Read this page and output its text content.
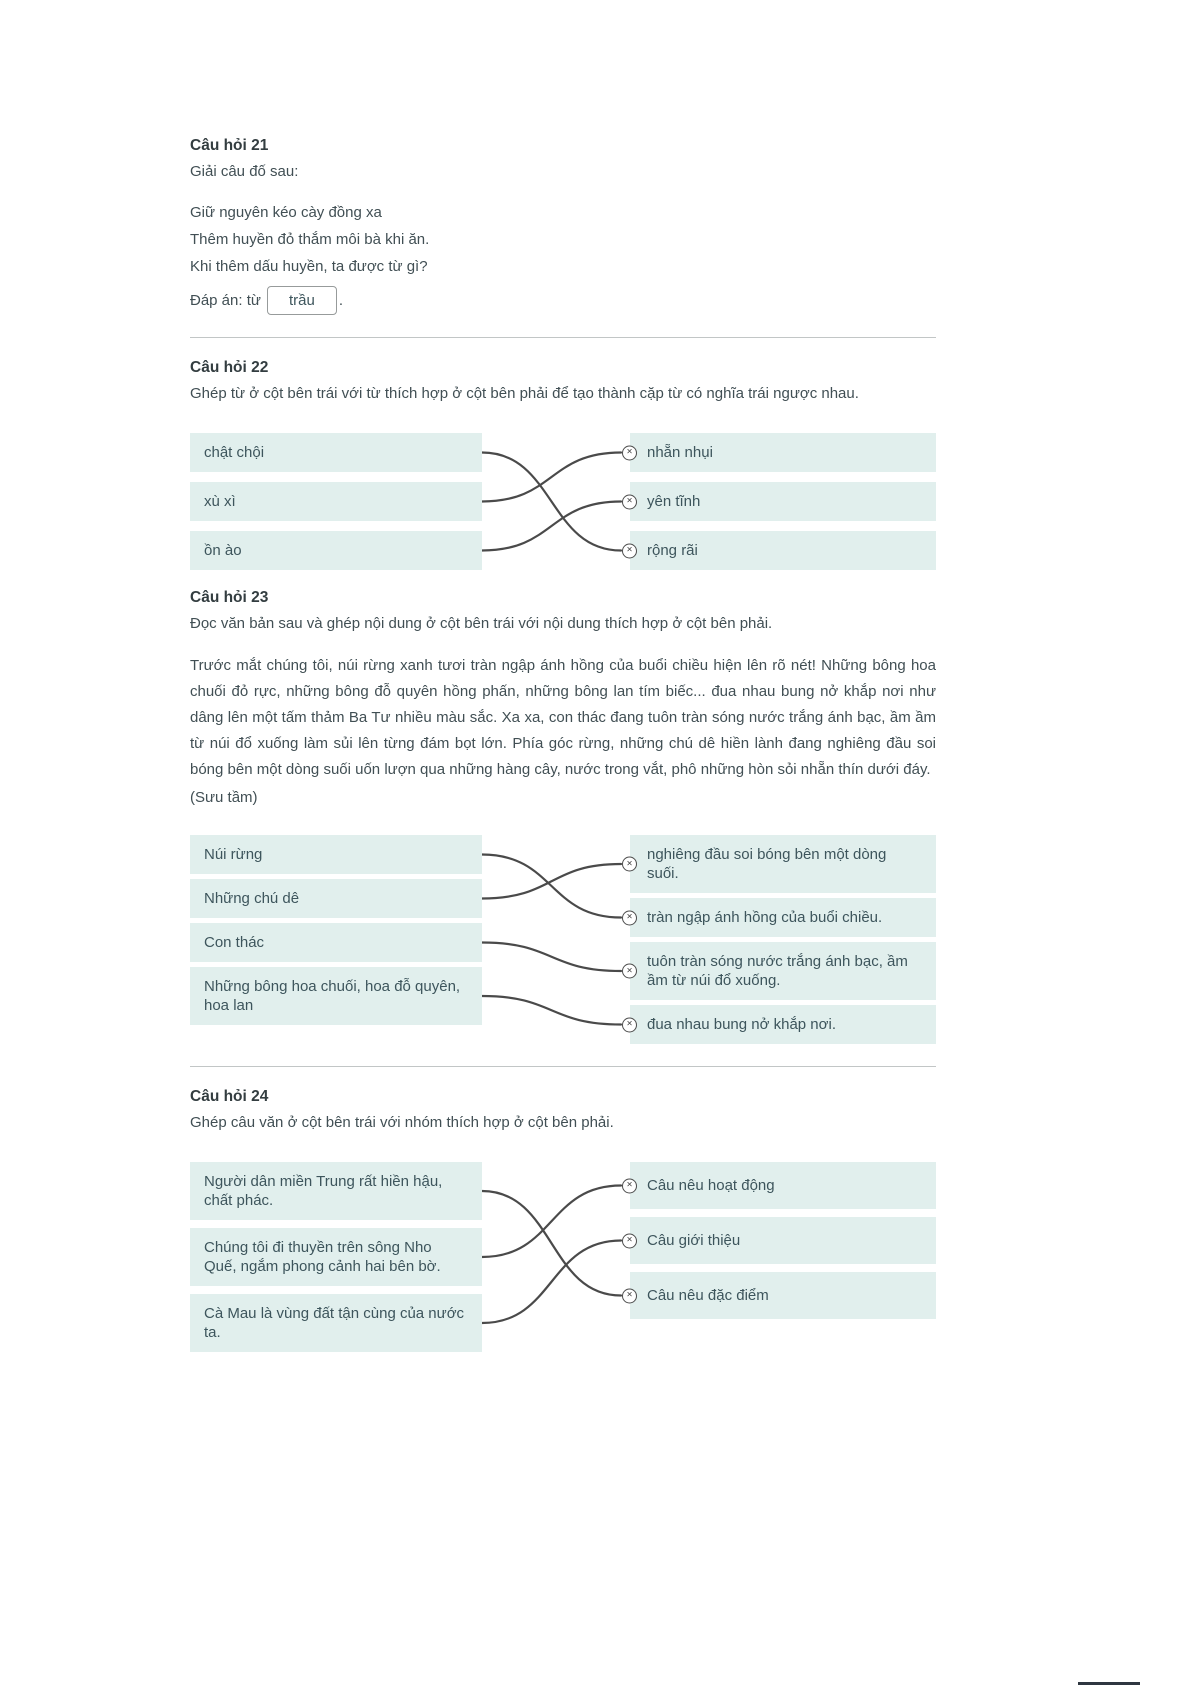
Câu hỏi 21
Giải câu đố sau:
Giữ nguyên kéo cày đồng xa
Thêm huyền đỏ thắm môi bà khi ăn.
Khi thêm dấu huyền, ta được từ gì?
Đáp án: từ
trầu	.
Câu hỏi 22
Ghép từ ở cột bên trái với từ thích hợp ở cột bên phải để tạo thành cặp từ có nghĩa trái ngược nhau.
chật chội
xù xì
ồn ào
× nhẵn nhụi
× yên tĩnh
× rộng rãi
Câu hỏi 23
Đọc văn bản sau và ghép nội dung ở cột bên trái với nội dung thích hợp ở cột bên phải.
Trước mắt chúng tôi, núi rừng xanh tươi tràn ngập ánh hồng của buổi chiều hiện lên rõ nét! Những bông hoa chuối đỏ rực, những bông đỗ quyên hồng phấn, những bông lan tím biếc... đua nhau bung nở khắp nơi như dâng lên một tấm thảm Ba Tư nhiều màu sắc. Xa xa, con thác đang tuôn tràn sóng nước trắng ánh bạc, ầm ầm từ núi đổ xuống làm sủi lên từng đám bọt lớn. Phía góc rừng, những chú dê hiền lành đang nghiêng đầu soi bóng bên một dòng suối uốn lượn qua những hàng cây, nước trong vắt, phô những hòn sỏi nhẵn thín dưới đáy.
(Sưu tầm)
Núi rừng
Những chú dê
Con thác
Những bông hoa chuối, hoa đỗ quyên, hoa lan
×
nghiêng đầu soi bóng bên một dòng suối.
× tràn ngập ánh hồng của buổi chiều.
×
tuôn tràn sóng nước trắng ánh bạc, ầm ầm từ núi đổ xuống.
× đua nhau bung nở khắp nơi.
Câu hỏi 24
Ghép câu văn ở cột bên trái với nhóm thích hợp ở cột bên phải.
Người dân miền Trung rất hiền hậu, chất phác.
Chúng tôi đi thuyền trên sông Nho Quế, ngắm phong cảnh hai bên bờ.
Cà Mau là vùng đất tận cùng của nước ta.
× Câu nêu hoạt động
× Câu giới thiệu
× Câu nêu đặc điểm
